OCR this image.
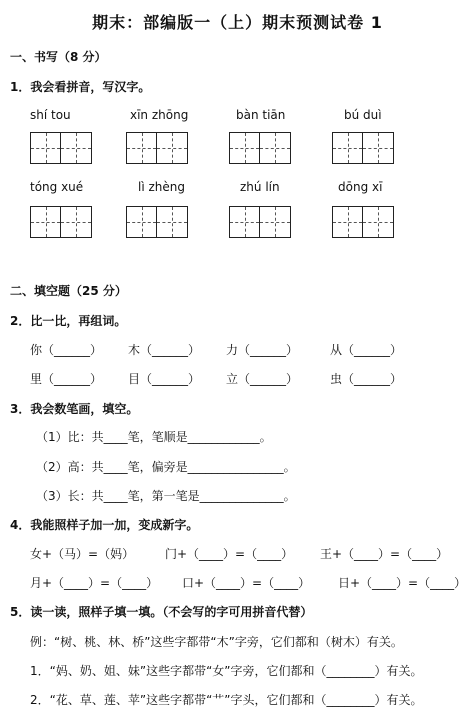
期末：部编版一（上）期末预测试卷 1
一、书写（8 分）
1．我会看拼音，写汉字。
shí tou	xīn zhōng	bàn tiān	bú duì
tóng xué	lì zhèng	zhú lín	dōng xī
二、填空题（25 分）
2．比一比，再组词。
你（______） 木（______） 力（______）	从（______）
里（______） 目（______） 立（______）	虫（______）
3．我会数笔画，填空。
（1）比：共____笔，笔顺是____________。
（2）高：共____笔，偏旁是________________。
（3）长：共____笔，第一笔是______________。
4．我能照样子加一加，变成新字。
女+（马）=（妈）	门+（____）=（____） 王+（____）=（____）
月+（____）=（____） 口+（____）=（____） 日+（____）=（____）
5．读一读，照样子填一填。（不会写的字可用拼音代替）
例：“树、桃、林、桥”这些字都带“木”字旁，它们都和（树木）有关。
1．“妈、奶、姐、妹”这些字都带“女”字旁，它们都和（________）有关。
2．“花、草、莲、苹”这些字都带“艹”字头，它们都和（________）有关。
